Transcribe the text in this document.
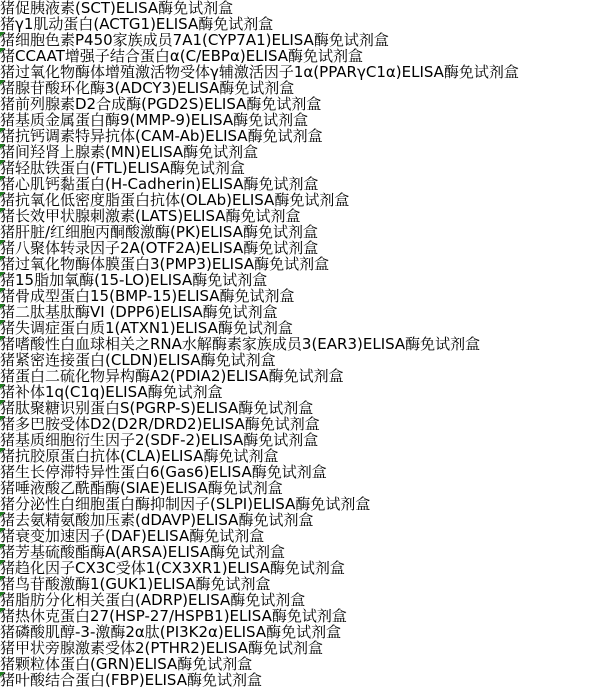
猪促胰液素(SCT)ELISA酶免试剂盒
猪γ1肌动蛋白(ACTG1)ELISA酶免试剂盒
猪细胞色素P450家族成员7A1(CYP7A1)ELISA酶免试剂盒
猪CCAAT增强子结合蛋白α(C/EBPα)ELISA酶免试剂盒
猪过氧化物酶体增殖激活物受体γ辅激活因子1α(PPARγC1α)ELISA酶免试剂盒
猪腺苷酸环化酶3(ADCY3)ELISA酶免试剂盒
猪前列腺素D2合成酶(PGD2S)ELISA酶免试剂盒
猪基质金属蛋白酶9(MMP-9)ELISA酶免试剂盒
猪抗钙调素特异抗体(CAM-Ab)ELISA酶免试剂盒
猪间羟肾上腺素(MN)ELISA酶免试剂盒
猪轻肽铁蛋白(FTL)ELISA酶免试剂盒
猪心肌钙黏蛋白(H-Cadherin)ELISA酶免试剂盒
猪抗氧化低密度脂蛋白抗体(OLAb)ELISA酶免试剂盒
猪长效甲状腺刺激素(LATS)ELISA酶免试剂盒
猪肝脏/红细胞丙酮酸激酶(PK)ELISA酶免试剂盒
猪八聚体转录因子2A(OTF2A)ELISA酶免试剂盒
猪过氧化物酶体膜蛋白3(PMP3)ELISA酶免试剂盒
猪15脂加氧酶(15-LO)ELISA酶免试剂盒
猪骨成型蛋白15(BMP-15)ELISA酶免试剂盒
猪二肽基肽酶VI (DPP6)ELISA酶免试剂盒
猪失调症蛋白质1(ATXN1)ELISA酶免试剂盒
猪嗜酸性白血球相关之RNA水解酶素家族成员3(EAR3)ELISA酶免试剂盒
猪紧密连接蛋白(CLDN)ELISA酶免试剂盒
猪蛋白二硫化物异构酶A2(PDIA2)ELISA酶免试剂盒
猪补体1q(C1q)ELISA酶免试剂盒
猪肽聚糖识别蛋白S(PGRP-S)ELISA酶免试剂盒
猪多巴胺受体D2(D2R/DRD2)ELISA酶免试剂盒
猪基质细胞衍生因子2(SDF-2)ELISA酶免试剂盒
猪抗胶原蛋白抗体(CLA)ELISA酶免试剂盒
猪生长停滞特异性蛋白6(Gas6)ELISA酶免试剂盒
猪唾液酸乙酰酯酶(SIAE)ELISA酶免试剂盒
猪分泌性白细胞蛋白酶抑制因子(SLPI)ELISA酶免试剂盒
猪去氨精氨酸加压素(dDAVP)ELISA酶免试剂盒
猪衰变加速因子(DAF)ELISA酶免试剂盒
猪芳基硫酸酯酶A(ARSA)ELISA酶免试剂盒
猪趋化因子CX3C受体1(CX3XR1)ELISA酶免试剂盒
猪鸟苷酸激酶1(GUK1)ELISA酶免试剂盒
猪脂肪分化相关蛋白(ADRP)ELISA酶免试剂盒
猪热休克蛋白27(HSP-27/HSPB1)ELISA酶免试剂盒
猪磷酸肌醇-3-激酶2α肽(PI3K2α)ELISA酶免试剂盒
猪甲状旁腺激素受体2(PTHR2)ELISA酶免试剂盒
猪颗粒体蛋白(GRN)ELISA酶免试剂盒
猪叶酸结合蛋白(FBP)ELISA酶免试剂盒
